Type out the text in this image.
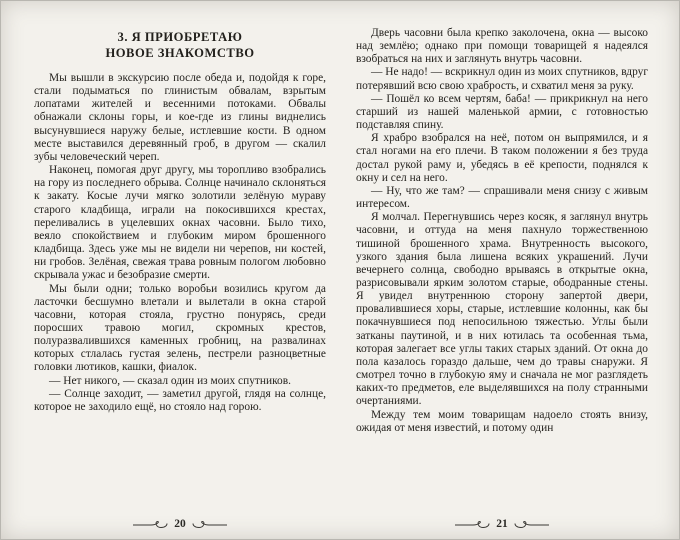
3. Я ПРИОБРЕТАЮ
НОВОЕ ЗНАКОМСТВО

Мы вышли в экскурсию после обеда и, подойдя к горе, стали подыматься по глинистым обвалам, взрытым лопатами жителей и весенними потоками. Обвалы обнажали склоны горы, и кое-где из глины виднелись высунувшиеся наружу белые, истлевшие кости. В одном месте выставился деревянный гроб, в другом — скалил зубы человеческий череп.

Наконец, помогая друг другу, мы торопливо взобрались на гору из последнего обрыва. Солнце начинало склоняться к закату. Косые лучи мягко золотили зелёную мураву старого кладбища, играли на покосившихся крестах, переливались в уцелевших окнах часовни. Было тихо, веяло спокойствием и глубоким миром брошенного кладбища. Здесь уже мы не видели ни черепов, ни костей, ни гробов. Зелёная, свежая трава ровным пологом любовно скрывала ужас и безобразие смерти.

Мы были одни; только воробьи возились кругом да ласточки бесшумно влетали и вылетали в окна старой часовни, которая стояла, грустно понурясь, среди поросших травою могил, скромных крестов, полуразвалившихся каменных гробниц, на развалинах которых стлалась густая зелень, пестрели разноцветные головки лютиков, кашки, фиалок.

— Нет никого, — сказал один из моих спутников.

— Солнце заходит, — заметил другой, глядя на солнце, которое не заходило ещё, но стояло над горою.

20

Дверь часовни была крепко заколочена, окна — высоко над землёю; однако при помощи товарищей я надеялся взобраться на них и заглянуть внутрь часовни.

— Не надо! — вскрикнул один из моих спутников, вдруг потерявший всю свою храбрость, и схватил меня за руку.

— Пошёл ко всем чертям, баба! — прикрикнул на него старший из нашей маленькой армии, с готовностью подставляя спину.

Я храбро взобрался на неё, потом он выпрямился, и я стал ногами на его плечи. В таком положении я без труда достал рукой раму и, убедясь в её крепости, поднялся к окну и сел на него.

— Ну, что же там? — спрашивали меня снизу с живым интересом.

Я молчал. Перегнувшись через косяк, я заглянул внутрь часовни, и оттуда на меня пахнуло торжественною тишиной брошенного храма. Внутренность высокого, узкого здания была лишена всяких украшений. Лучи вечернего солнца, свободно врываясь в открытые окна, разрисовывали ярким золотом старые, ободранные стены. Я увидел внутреннюю сторону запертой двери, провалившиеся хоры, старые, истлевшие колонны, как бы покачнувшиеся под непосильною тяжестью. Углы были затканы паутиной, и в них ютилась та особенная тьма, которая залегает все углы таких старых зданий. От окна до пола казалось гораздо дальше, чем до травы снаружи. Я смотрел точно в глубокую яму и сначала не мог разглядеть каких-то предметов, еле выделявшихся на полу странными очертаниями.

Между тем моим товарищам надоело стоять внизу, ожидая от меня известий, и потому один

21
